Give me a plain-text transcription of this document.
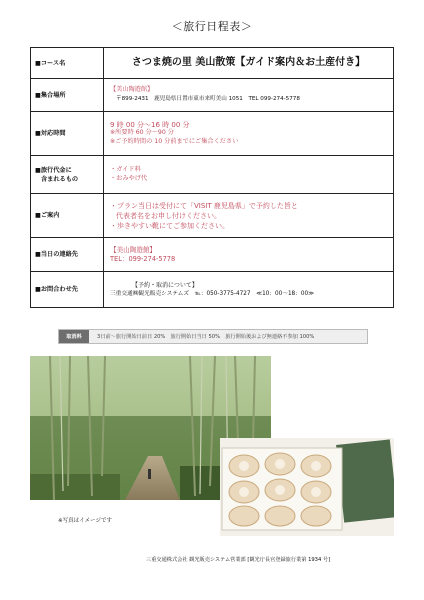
＜旅行日程表＞
■コース名	さつま焼の里 美山散策【ガイド案内＆お土産付き】

■集合場所	【美山陶遊館】
〒899-2431　鹿児島県日置市東市来町美山 1051　TEL 099-274-5778

■対応時間	9 時 00 分～16 時 00 分
※所要時 60 分～90 分
※ご予約時間の 10 分前までにご集合ください

■旅行代金に
含まれるもの	・ガイド料
・おみやげ代

■ご案内	・プラン当日は受付にて「VISIT 鹿児島県」で予約した旨と
代表者名をお申し付けください。
・歩きやすい靴にてご参加ください。

■当日の連絡先	【美山陶遊館】
TEL：099-274-5778

■お問合わせ先	【予約・取消について】
三重交通㈱観光販売システムズ　℡：050-3775-4727　≪10：00～18：00≫
取消料	3日前～旅行開始日前日 20%　旅行開始日当日 50%　旅行開始後および無連絡不参加 100%
※写真はイメージです
三重交通株式会社 観光販売システム営業部 [観光庁長官登録旅行業第 1934 号]
